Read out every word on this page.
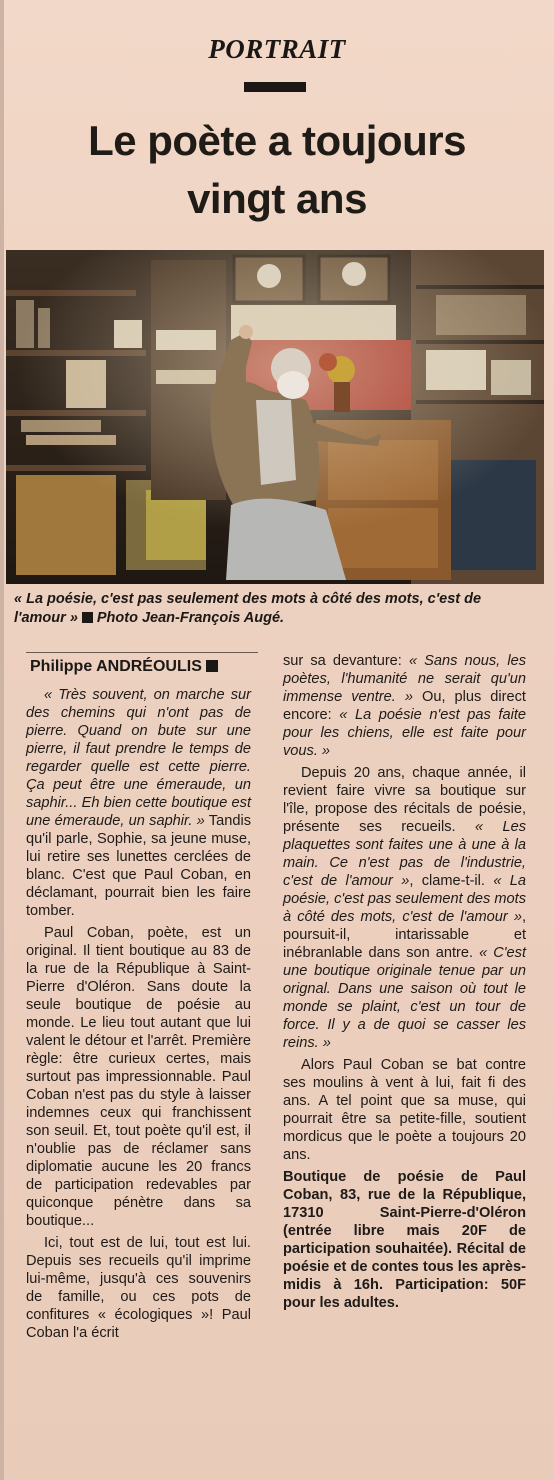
PORTRAIT
Le poète a toujours
vingt ans
« La poésie, c'est pas seulement des mots à côté des mots, c'est de l'amour » Photo Jean-François Augé.
Philippe ANDRÉOULIS

« Très souvent, on marche sur des chemins qui n'ont pas de pierre. Quand on bute sur une pierre, il faut prendre le temps de regarder quelle est cette pierre. Ça peut être une émeraude, un saphir... Eh bien cette boutique est une émeraude, un saphir. » Tandis qu'il parle, Sophie, sa jeune muse, lui retire ses lunettes cerclées de blanc. C'est que Paul Coban, en déclamant, pourrait bien les faire tomber.

Paul Coban, poète, est un original. Il tient boutique au 83 de la rue de la République à Saint-Pierre d'Oléron. Sans doute la seule boutique de poésie au monde. Le lieu tout autant que lui valent le détour et l'arrêt. Première règle: être curieux certes, mais surtout pas impressionnable. Paul Coban n'est pas du style à laisser indemnes ceux qui franchissent son seuil. Et, tout poète qu'il est, il n'oublie pas de réclamer sans diplomatie aucune les 20 francs de participation redevables par quiconque pénètre dans sa boutique...

Ici, tout est de lui, tout est lui. Depuis ses recueils qu'il imprime lui-même, jusqu'à ces souvenirs de famille, ou ces pots de confitures « écologiques »! Paul Coban l'a écrit

sur sa devanture: « Sans nous, les poètes, l'humanité ne serait qu'un immense ventre. » Ou, plus direct encore: « La poésie n'est pas faite pour les chiens, elle est faite pour vous. »

Depuis 20 ans, chaque année, il revient faire vivre sa boutique sur l'île, propose des récitals de poésie, présente ses recueils. « Les plaquettes sont faites une à une à la main. Ce n'est pas de l'industrie, c'est de l'amour », clame-t-il. « La poésie, c'est pas seulement des mots à côté des mots, c'est de l'amour », poursuit-il, intarissable et inébranlable dans son antre. « C'est une boutique originale tenue par un orignal. Dans une saison où tout le monde se plaint, c'est un tour de force. Il y a de quoi se casser les reins. »

Alors Paul Coban se bat contre ses moulins à vent à lui, fait fi des ans. A tel point que sa muse, qui pourrait être sa petite-fille, soutient mordicus que le poète a toujours 20 ans.

Boutique de poésie de Paul Coban, 83, rue de la République, 17310 Saint-Pierre-d'Oléron (entrée libre mais 20F de participation souhaitée). Récital de poésie et de contes tous les après-midis à 16h. Participation: 50F pour les adultes.
